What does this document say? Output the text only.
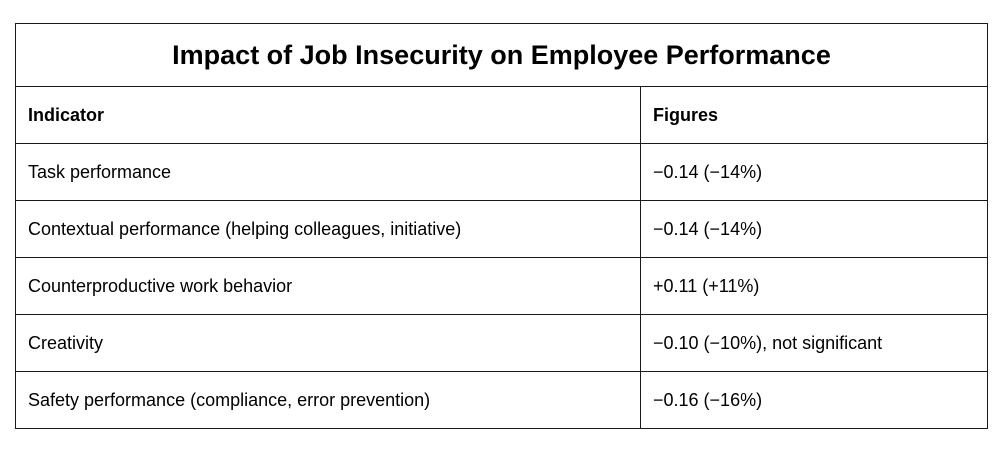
Impact of Job Insecurity on Employee Performance	
Indicator	Figures
Task performance	−0.14 (−14%)
Contextual performance (helping colleagues, initiative)	−0.14 (−14%)
Counterproductive work behavior	+0.11 (+11%)
Creativity	−0.10 (−10%), not significant
Safety performance (compliance, error prevention)	−0.16 (−16%)
